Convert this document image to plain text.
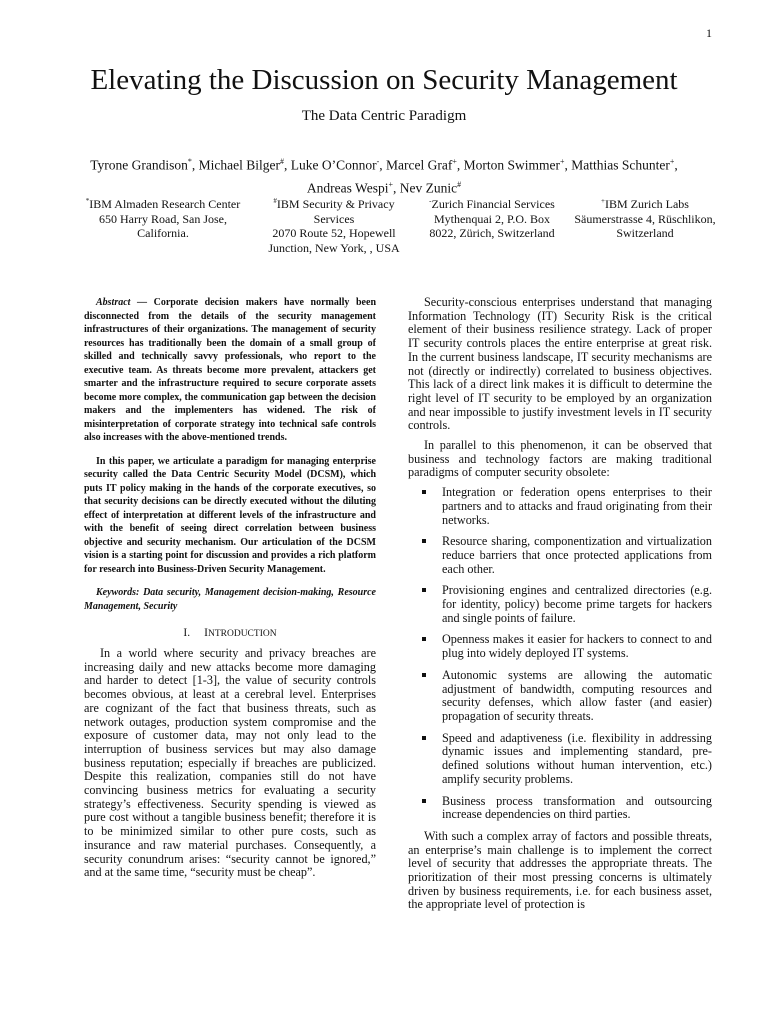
1
Elevating the Discussion on Security Management
The Data Centric Paradigm
Tyrone Grandison*, Michael Bilger#, Luke O’Connor-, Marcel Graf+, Morton Swimmer+, Matthias Schunter+,
Andreas Wespi+, Nev Zunic#
*IBM Almaden Research Center
650 Harry Road, San Jose, California.
#IBM Security & Privacy Services
2070 Route 52, Hopewell Junction, New York, , USA
-Zurich Financial Services
Mythenquai 2, P.O. Box 8022, Zürich, Switzerland
+IBM Zurich Labs
Säumerstrasse 4, Rüschlikon, Switzerland

Abstract — Corporate decision makers have normally been disconnected from the details of the security management infrastructures of their organizations. The management of security resources has traditionally been the domain of a small group of skilled and technically savvy professionals, who report to the executive team. As threats become more prevalent, attackers get smarter and the infrastructure required to secure corporate assets become more complex, the communication gap between the decision makers and the implementers has widened. The risk of misinterpretation of corporate strategy into technical safe controls also increases with the above-mentioned trends.

In this paper, we articulate a paradigm for managing enterprise security called the Data Centric Security Model (DCSM), which puts IT policy making in the hands of the corporate executives, so that security decisions can be directly executed without the diluting effect of interpretation at different levels of the infrastructure and with the benefit of seeing direct correlation between business objective and security mechanism. Our articulation of the DCSM vision is a starting point for discussion and provides a rich platform for research into Business-Driven Security Management.

Keywords: Data security, Management decision-making, Resource Management, Security

I. INTRODUCTION

In a world where security and privacy breaches are increasing daily and new attacks become more damaging and harder to detect [1-3], the value of security controls becomes obvious, at least at a cerebral level. Enterprises are cognizant of the fact that business threats, such as network outages, production system compromise and the exposure of customer data, may not only lead to the interruption of business services but may also damage business reputation; especially if breaches are publicized. Despite this realization, companies still do not have convincing business metrics for evaluating a security strategy’s effectiveness. Security spending is viewed as pure cost without a tangible business benefit; therefore it is to be minimized similar to other pure costs, such as insurance and raw material purchases. Consequently, a security conundrum arises: “security cannot be ignored,” and at the same time, “security must be cheap”.

Security-conscious enterprises understand that managing Information Technology (IT) Security Risk is the critical element of their business resilience strategy. Lack of proper IT security controls places the entire enterprise at great risk. In the current business landscape, IT security mechanisms are not (directly or indirectly) correlated to business objectives. This lack of a direct link makes it is difficult to determine the right level of IT security to be employed by an organization and near impossible to justify investment levels in IT security controls.

In parallel to this phenomenon, it can be observed that business and technology factors are making traditional paradigms of computer security obsolete:

Integration or federation opens enterprises to their partners and to attacks and fraud originating from their networks.
Resource sharing, componentization and virtualization reduce barriers that once protected applications from each other.
Provisioning engines and centralized directories (e.g. for identity, policy) become prime targets for hackers and single points of failure.
Openness makes it easier for hackers to connect to and plug into widely deployed IT systems.
Autonomic systems are allowing the automatic adjustment of bandwidth, computing resources and security defenses, which allow faster (and easier) propagation of security threats.
Speed and adaptiveness (i.e. flexibility in addressing dynamic issues and implementing standard, pre-defined solutions without human intervention, etc.) amplify security problems.
Business process transformation and outsourcing increase dependencies on third parties.

With such a complex array of factors and possible threats, an enterprise’s main challenge is to implement the correct level of security that addresses the appropriate threats. The prioritization of their most pressing concerns is ultimately driven by business requirements, i.e. for each business asset, the appropriate level of protection is
